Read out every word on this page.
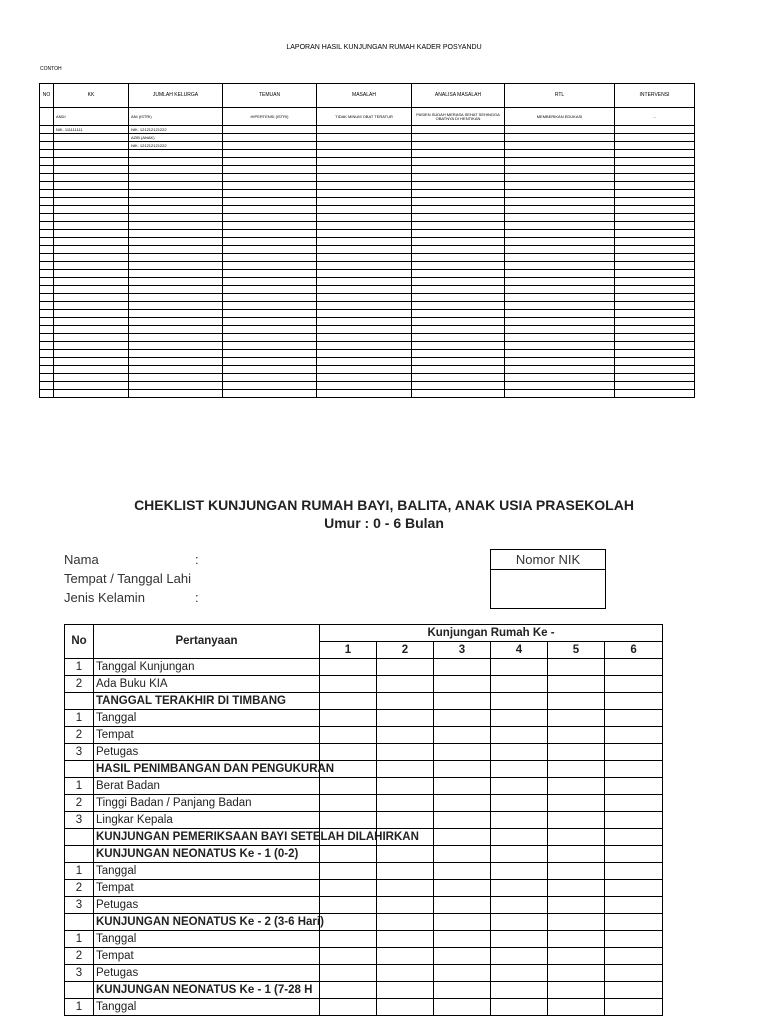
LAPORAN HASIL KUNJUNGAN RUMAH KADER POSYANDU
CONTOH
NO	KK	JUMLAH KELURGA	TEMUAN	MASALAH	ANALISA MASALAH	RTL	INTERVENSI
	ANDI	ANI (ISTRI)	HIPERTENSI (ISTRI)	TIDAK MINUM OBAT TERATUR	PASIEN SUDAH MERASA SEHAT SEHINGGA OBATNYA DI HENTIKAN	MEMBERIKAN EDUKASI	...
	NIK. 111111111	NIK. 121212121222					
		AZIB (ANAK)					
		NIK. 121212121222					

CHEKLIST KUNJUNGAN RUMAH BAYI, BALITA, ANAK USIA PRASEKOLAH
Umur : 0 - 6 Bulan
Nama	:
Tempat / Tanggal Lahi
Jenis Kelamin	:
Nomor NIK
No	Pertanyaan	Kunjungan Rumah Ke -					
		1	2	3	4	5	6
1	Tanggal Kunjungan						
2	Ada Buku KIA						
	TANGGAL TERAKHIR DI TIMBANG						
1	Tanggal						
2	Tempat						
3	Petugas						
	HASIL PENIMBANGAN DAN PENGUKURAN						
1	Berat Badan						
2	Tinggi Badan / Panjang Badan						
3	Lingkar Kepala						
	KUNJUNGAN PEMERIKSAAN BAYI SETELAH DILAHIRKAN						
	KUNJUNGAN NEONATUS Ke - 1 (0-2)						
1	Tanggal						
2	Tempat						
3	Petugas						
	KUNJUNGAN NEONATUS Ke - 2 (3-6 Hari)						
1	Tanggal						
2	Tempat						
3	Petugas						
	KUNJUNGAN NEONATUS Ke - 1 (7-28 H						
1	Tanggal						
